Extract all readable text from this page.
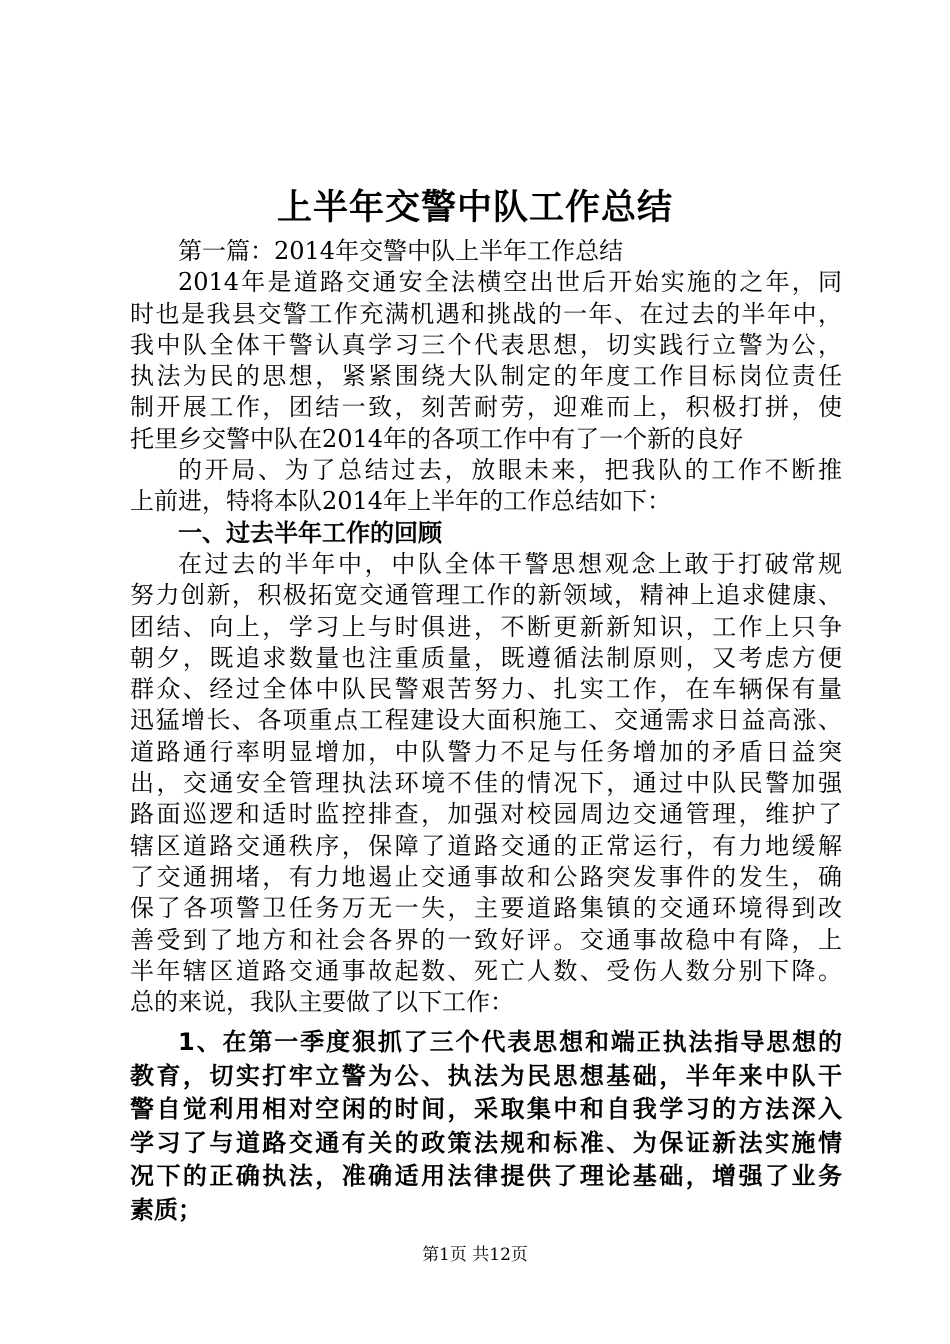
上半年交警中队工作总结
第一篇：2014年交警中队上半年工作总结
2014年是道路交通安全法横空出世后开始实施的之年，同
时也是我县交警工作充满机遇和挑战的一年、在过去的半年中，
我中队全体干警认真学习三个代表思想，切实践行立警为公，
执法为民的思想，紧紧围绕大队制定的年度工作目标岗位责任
制开展工作，团结一致，刻苦耐劳，迎难而上，积极打拼，使
托里乡交警中队在2014年的各项工作中有了一个新的良好
的开局、为了总结过去，放眼未来，把我队的工作不断推
上前进，特将本队2014年上半年的工作总结如下：
一、过去半年工作的回顾
在过去的半年中，中队全体干警思想观念上敢于打破常规
努力创新，积极拓宽交通管理工作的新领域，精神上追求健康、
团结、向上，学习上与时俱进，不断更新新知识，工作上只争
朝夕，既追求数量也注重质量，既遵循法制原则，又考虑方便
群众、经过全体中队民警艰苦努力、扎实工作，在车辆保有量
迅猛增长、各项重点工程建设大面积施工、交通需求日益高涨、
道路通行率明显增加，中队警力不足与任务增加的矛盾日益突
出，交通安全管理执法环境不佳的情况下，通过中队民警加强
路面巡逻和适时监控排查，加强对校园周边交通管理，维护了
辖区道路交通秩序，保障了道路交通的正常运行，有力地缓解
了交通拥堵，有力地遏止交通事故和公路突发事件的发生，确
保了各项警卫任务万无一失，主要道路集镇的交通环境得到改
善受到了地方和社会各界的一致好评。交通事故稳中有降，上
半年辖区道路交通事故起数、死亡人数、受伤人数分别下降。
总的来说，我队主要做了以下工作：
1、在第一季度狠抓了三个代表思想和端正执法指导思想的
教育，切实打牢立警为公、执法为民思想基础，半年来中队干
警自觉利用相对空闲的时间，采取集中和自我学习的方法深入
学习了与道路交通有关的政策法规和标准、为保证新法实施情
况下的正确执法，准确适用法律提供了理论基础，增强了业务
素质；
第1页 共12页
